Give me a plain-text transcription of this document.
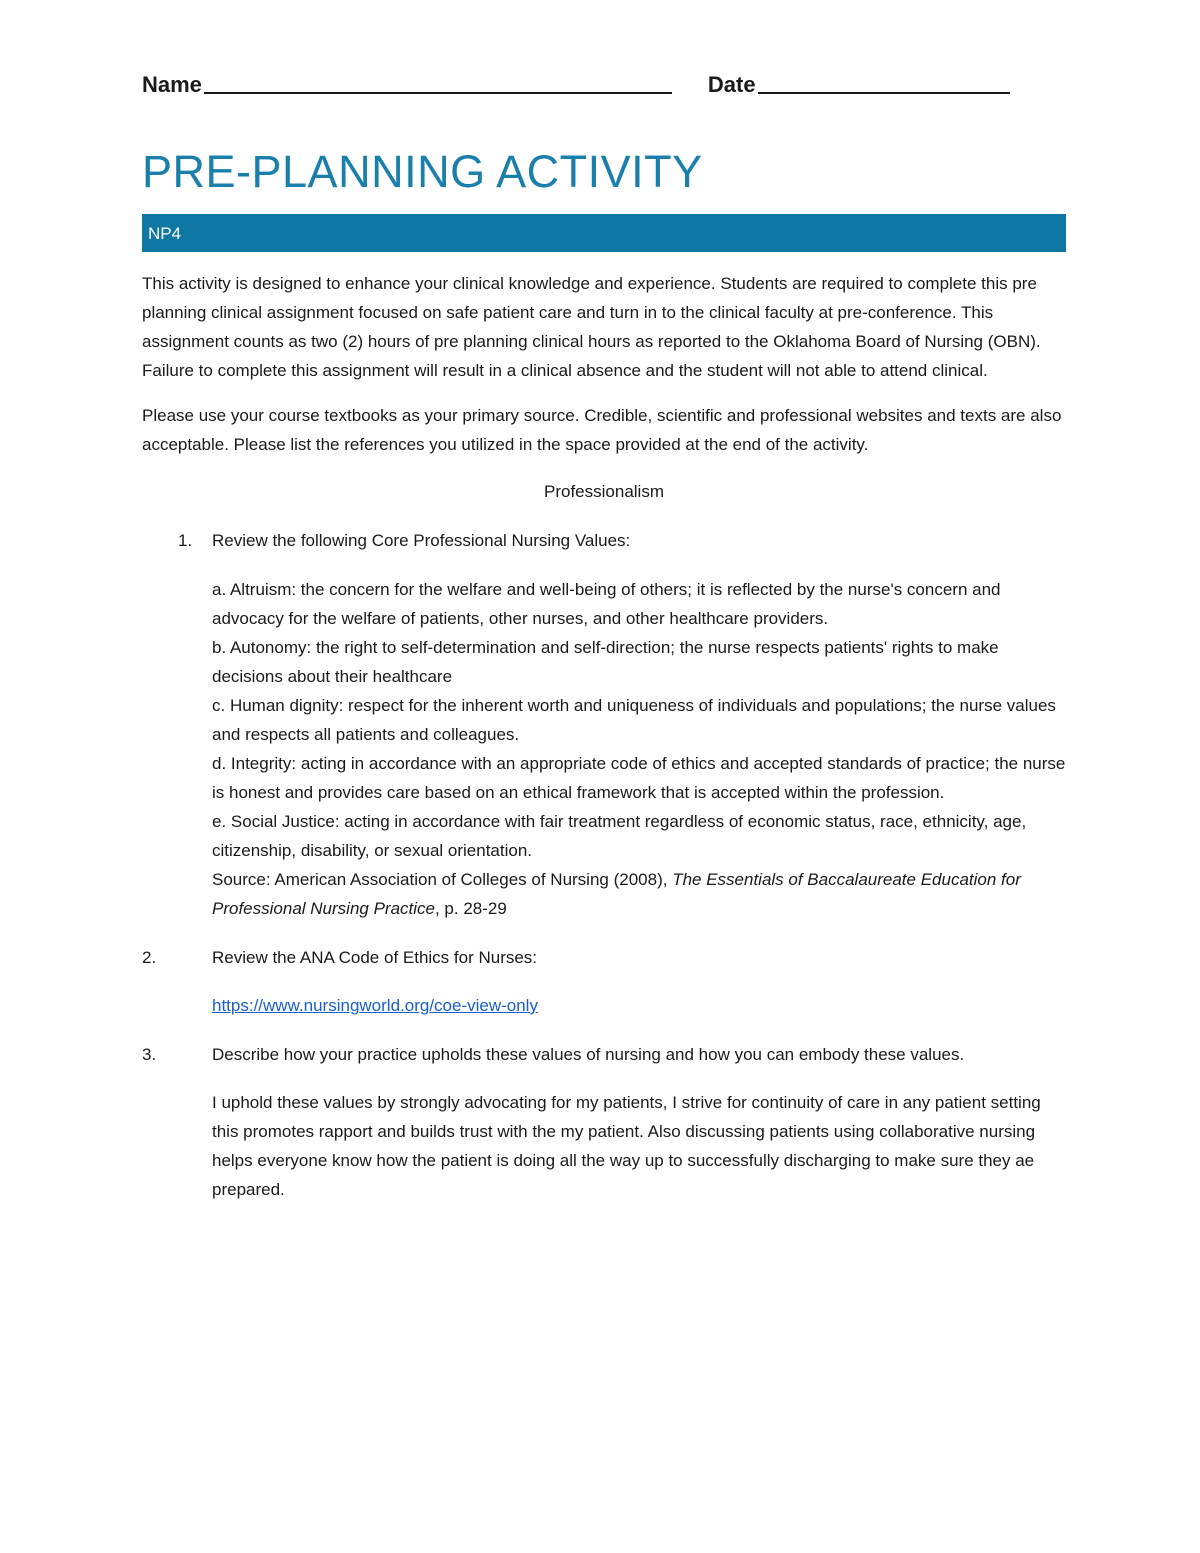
Name	Date
PRE-PLANNING ACTIVITY
NP4

This activity is designed to enhance your clinical knowledge and experience. Students are required to complete this pre planning clinical assignment focused on safe patient care and turn in to the clinical faculty at pre-conference. This assignment counts as two (2) hours of pre planning clinical hours as reported to the Oklahoma Board of Nursing (OBN). Failure to complete this assignment will result in a clinical absence and the student will not able to attend clinical.

Please use your course textbooks as your primary source. Credible, scientific and professional websites and texts are also acceptable. Please list the references you utilized in the space provided at the end of the activity.

Professionalism
1. Review the following Core Professional Nursing Values:
a. Altruism: the concern for the welfare and well-being of others; it is reflected by the nurse's concern and advocacy for the welfare of patients, other nurses, and other healthcare providers.
b. Autonomy: the right to self-determination and self-direction; the nurse respects patients' rights to make decisions about their healthcare
c. Human dignity: respect for the inherent worth and uniqueness of individuals and populations; the nurse values and respects all patients and colleagues.
d. Integrity: acting in accordance with an appropriate code of ethics and accepted standards of practice; the nurse is honest and provides care based on an ethical framework that is accepted within the profession.
e. Social Justice: acting in accordance with fair treatment regardless of economic status, race, ethnicity, age, citizenship, disability, or sexual orientation.
Source: American Association of Colleges of Nursing (2008), The Essentials of Baccalaureate Education for Professional Nursing Practice, p. 28-29
2.	Review the ANA Code of Ethics for Nurses:
https://www.nursingworld.org/coe-view-only
3.	Describe how your practice upholds these values of nursing and how you can embody these values.
I uphold these values by strongly advocating for my patients, I strive for continuity of care in any patient setting this promotes rapport and builds trust with the my patient. Also discussing patients using collaborative nursing helps everyone know how the patient is doing all the way up to successfully discharging to make sure they ae prepared.
